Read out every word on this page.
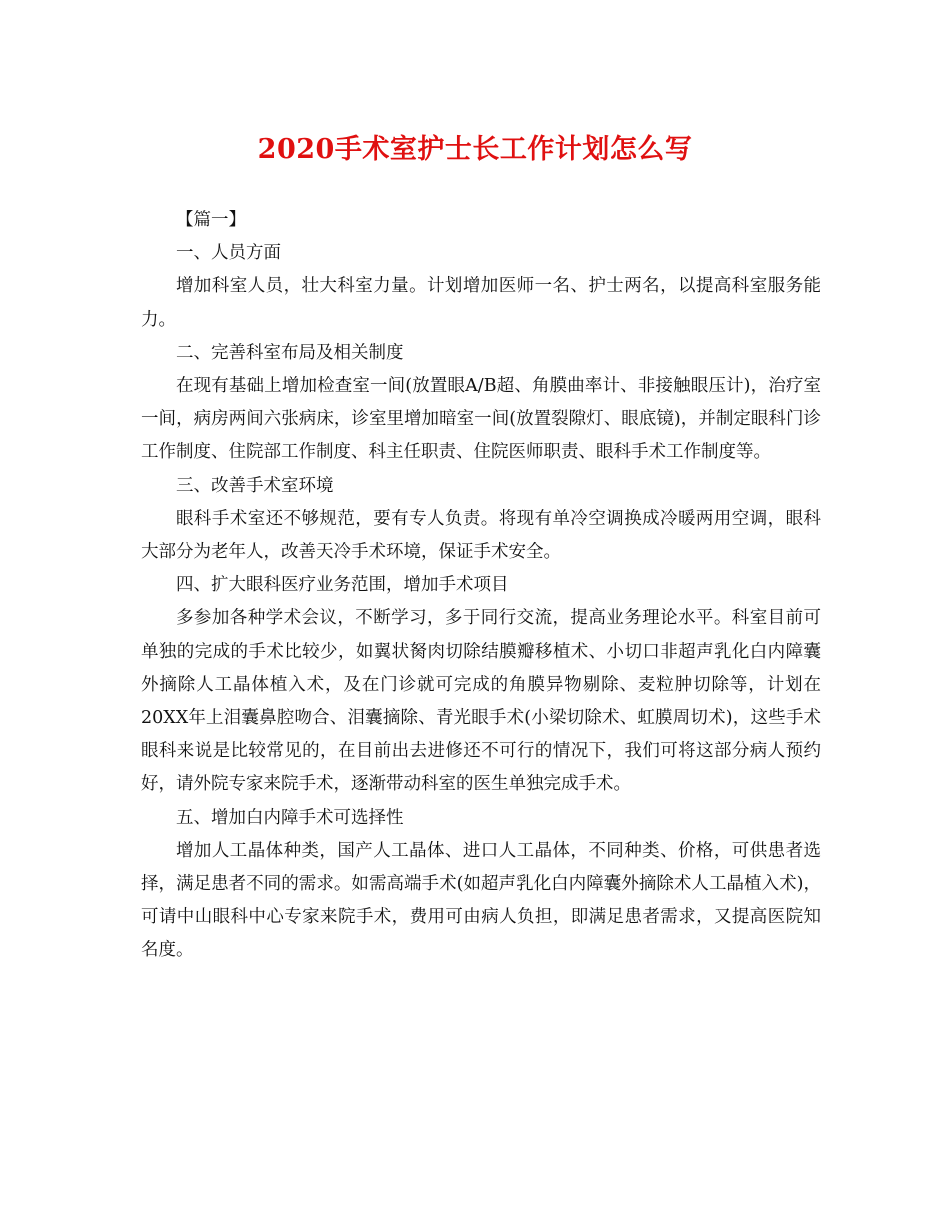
2020手术室护士长工作计划怎么写

【篇一】

一、人员方面

增加科室人员，壮大科室力量。计划增加医师一名、护士两名，以提高科室服务能力。

二、完善科室布局及相关制度

在现有基础上增加检查室一间(放置眼A/B超、角膜曲率计、非接触眼压计)，治疗室一间，病房两间六张病床，诊室里增加暗室一间(放置裂隙灯、眼底镜)，并制定眼科门诊工作制度、住院部工作制度、科主任职责、住院医师职责、眼科手术工作制度等。

三、改善手术室环境

眼科手术室还不够规范，要有专人负责。将现有单冷空调换成冷暖两用空调，眼科大部分为老年人，改善天冷手术环境，保证手术安全。

四、扩大眼科医疗业务范围，增加手术项目

多参加各种学术会议，不断学习，多于同行交流，提高业务理论水平。科室目前可单独的完成的手术比较少，如翼状胬肉切除结膜瓣移植术、小切口非超声乳化白内障囊外摘除人工晶体植入术，及在门诊就可完成的角膜异物剔除、麦粒肿切除等，计划在20XX年上泪囊鼻腔吻合、泪囊摘除、青光眼手术(小梁切除术、虹膜周切术)，这些手术眼科来说是比较常见的，在目前出去进修还不可行的情况下，我们可将这部分病人预约好，请外院专家来院手术，逐渐带动科室的医生单独完成手术。

五、增加白内障手术可选择性

增加人工晶体种类，国产人工晶体、进口人工晶体，不同种类、价格，可供患者选择，满足患者不同的需求。如需高端手术(如超声乳化白内障囊外摘除术人工晶植入术)，可请中山眼科中心专家来院手术，费用可由病人负担，即满足患者需求，又提高医院知名度。
